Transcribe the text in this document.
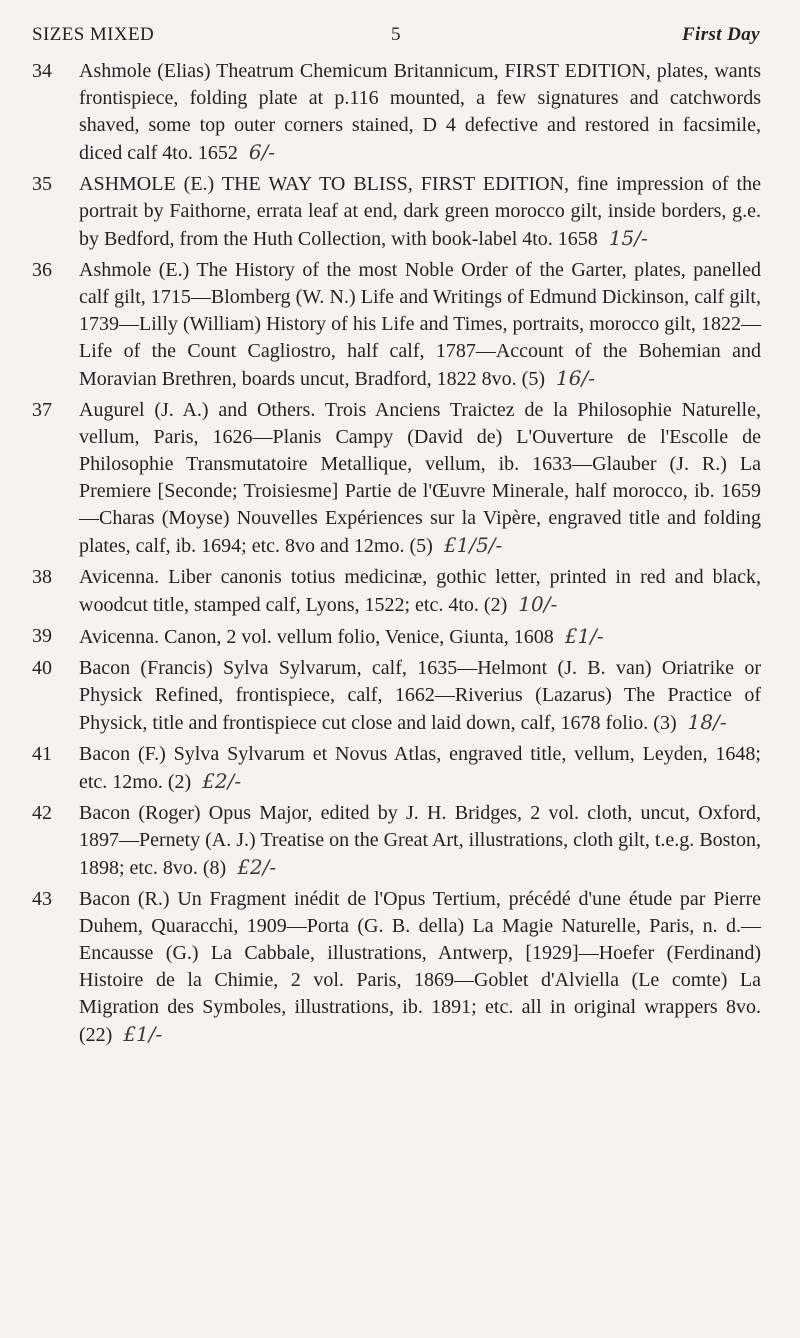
SIZES MIXED	5	First Day
34	Ashmole (Elias) Theatrum Chemicum Britannicum, FIRST EDITION, plates, wants frontispiece, folding plate at p.116 mounted, a few signatures and catchwords shaved, some top outer corners stained, D 4 defective and restored in facsimile, diced calf 4to. 1652 6/-
35	ASHMOLE (E.) THE WAY TO BLISS, FIRST EDITION, fine impression of the portrait by Faithorne, errata leaf at end, dark green morocco gilt, inside borders, g.e. by Bedford, from the Huth Collection, with book-label 4to. 1658 15/-
36	Ashmole (E.) The History of the most Noble Order of the Garter, plates, panelled calf gilt, 1715—Blomberg (W. N.) Life and Writings of Edmund Dickinson, calf gilt, 1739—Lilly (William) History of his Life and Times, portraits, morocco gilt, 1822—Life of the Count Cagliostro, half calf, 1787—Account of the Bohemian and Moravian Brethren, boards uncut, Bradford, 1822 8vo. (5) 16/-
37	Augurel (J. A.) and Others. Trois Anciens Traictez de la Philosophie Naturelle, vellum, Paris, 1626—Planis Campy (David de) L'Ouverture de l'Escolle de Philosophie Transmutatoire Metallique, vellum, ib. 1633—Glauber (J. R.) La Premiere [Seconde; Troisiesme] Partie de l'Œuvre Minerale, half morocco, ib. 1659—Charas (Moyse) Nouvelles Expériences sur la Vipère, engraved title and folding plates, calf, ib. 1694; etc. 8vo and 12mo. (5) £1/5/-
38	Avicenna. Liber canonis totius medicinæ, gothic letter, printed in red and black, woodcut title, stamped calf, Lyons, 1522; etc. 4to. (2) 10/-
39	Avicenna. Canon, 2 vol. vellum folio, Venice, Giunta, 1608 £1/-
40	Bacon (Francis) Sylva Sylvarum, calf, 1635—Helmont (J. B. van) Oriatrike or Physick Refined, frontispiece, calf, 1662—Riverius (Lazarus) The Practice of Physick, title and frontispiece cut close and laid down, calf, 1678 folio. (3) 18/-
41	Bacon (F.) Sylva Sylvarum et Novus Atlas, engraved title, vellum, Leyden, 1648; etc. 12mo. (2) £2/-
42	Bacon (Roger) Opus Major, edited by J. H. Bridges, 2 vol. cloth, uncut, Oxford, 1897—Pernety (A. J.) Treatise on the Great Art, illustrations, cloth gilt, t.e.g. Boston, 1898; etc. 8vo. (8) £2/-
43	Bacon (R.) Un Fragment inédit de l'Opus Tertium, précédé d'une étude par Pierre Duhem, Quaracchi, 1909—Porta (G. B. della) La Magie Naturelle, Paris, n. d.—Encausse (G.) La Cabbale, illustrations, Antwerp, [1929]—Hoefer (Ferdinand) Histoire de la Chimie, 2 vol. Paris, 1869—Goblet d'Alviella (Le comte) La Migration des Symboles, illustrations, ib. 1891; etc. all in original wrappers 8vo. (22) £1/-
